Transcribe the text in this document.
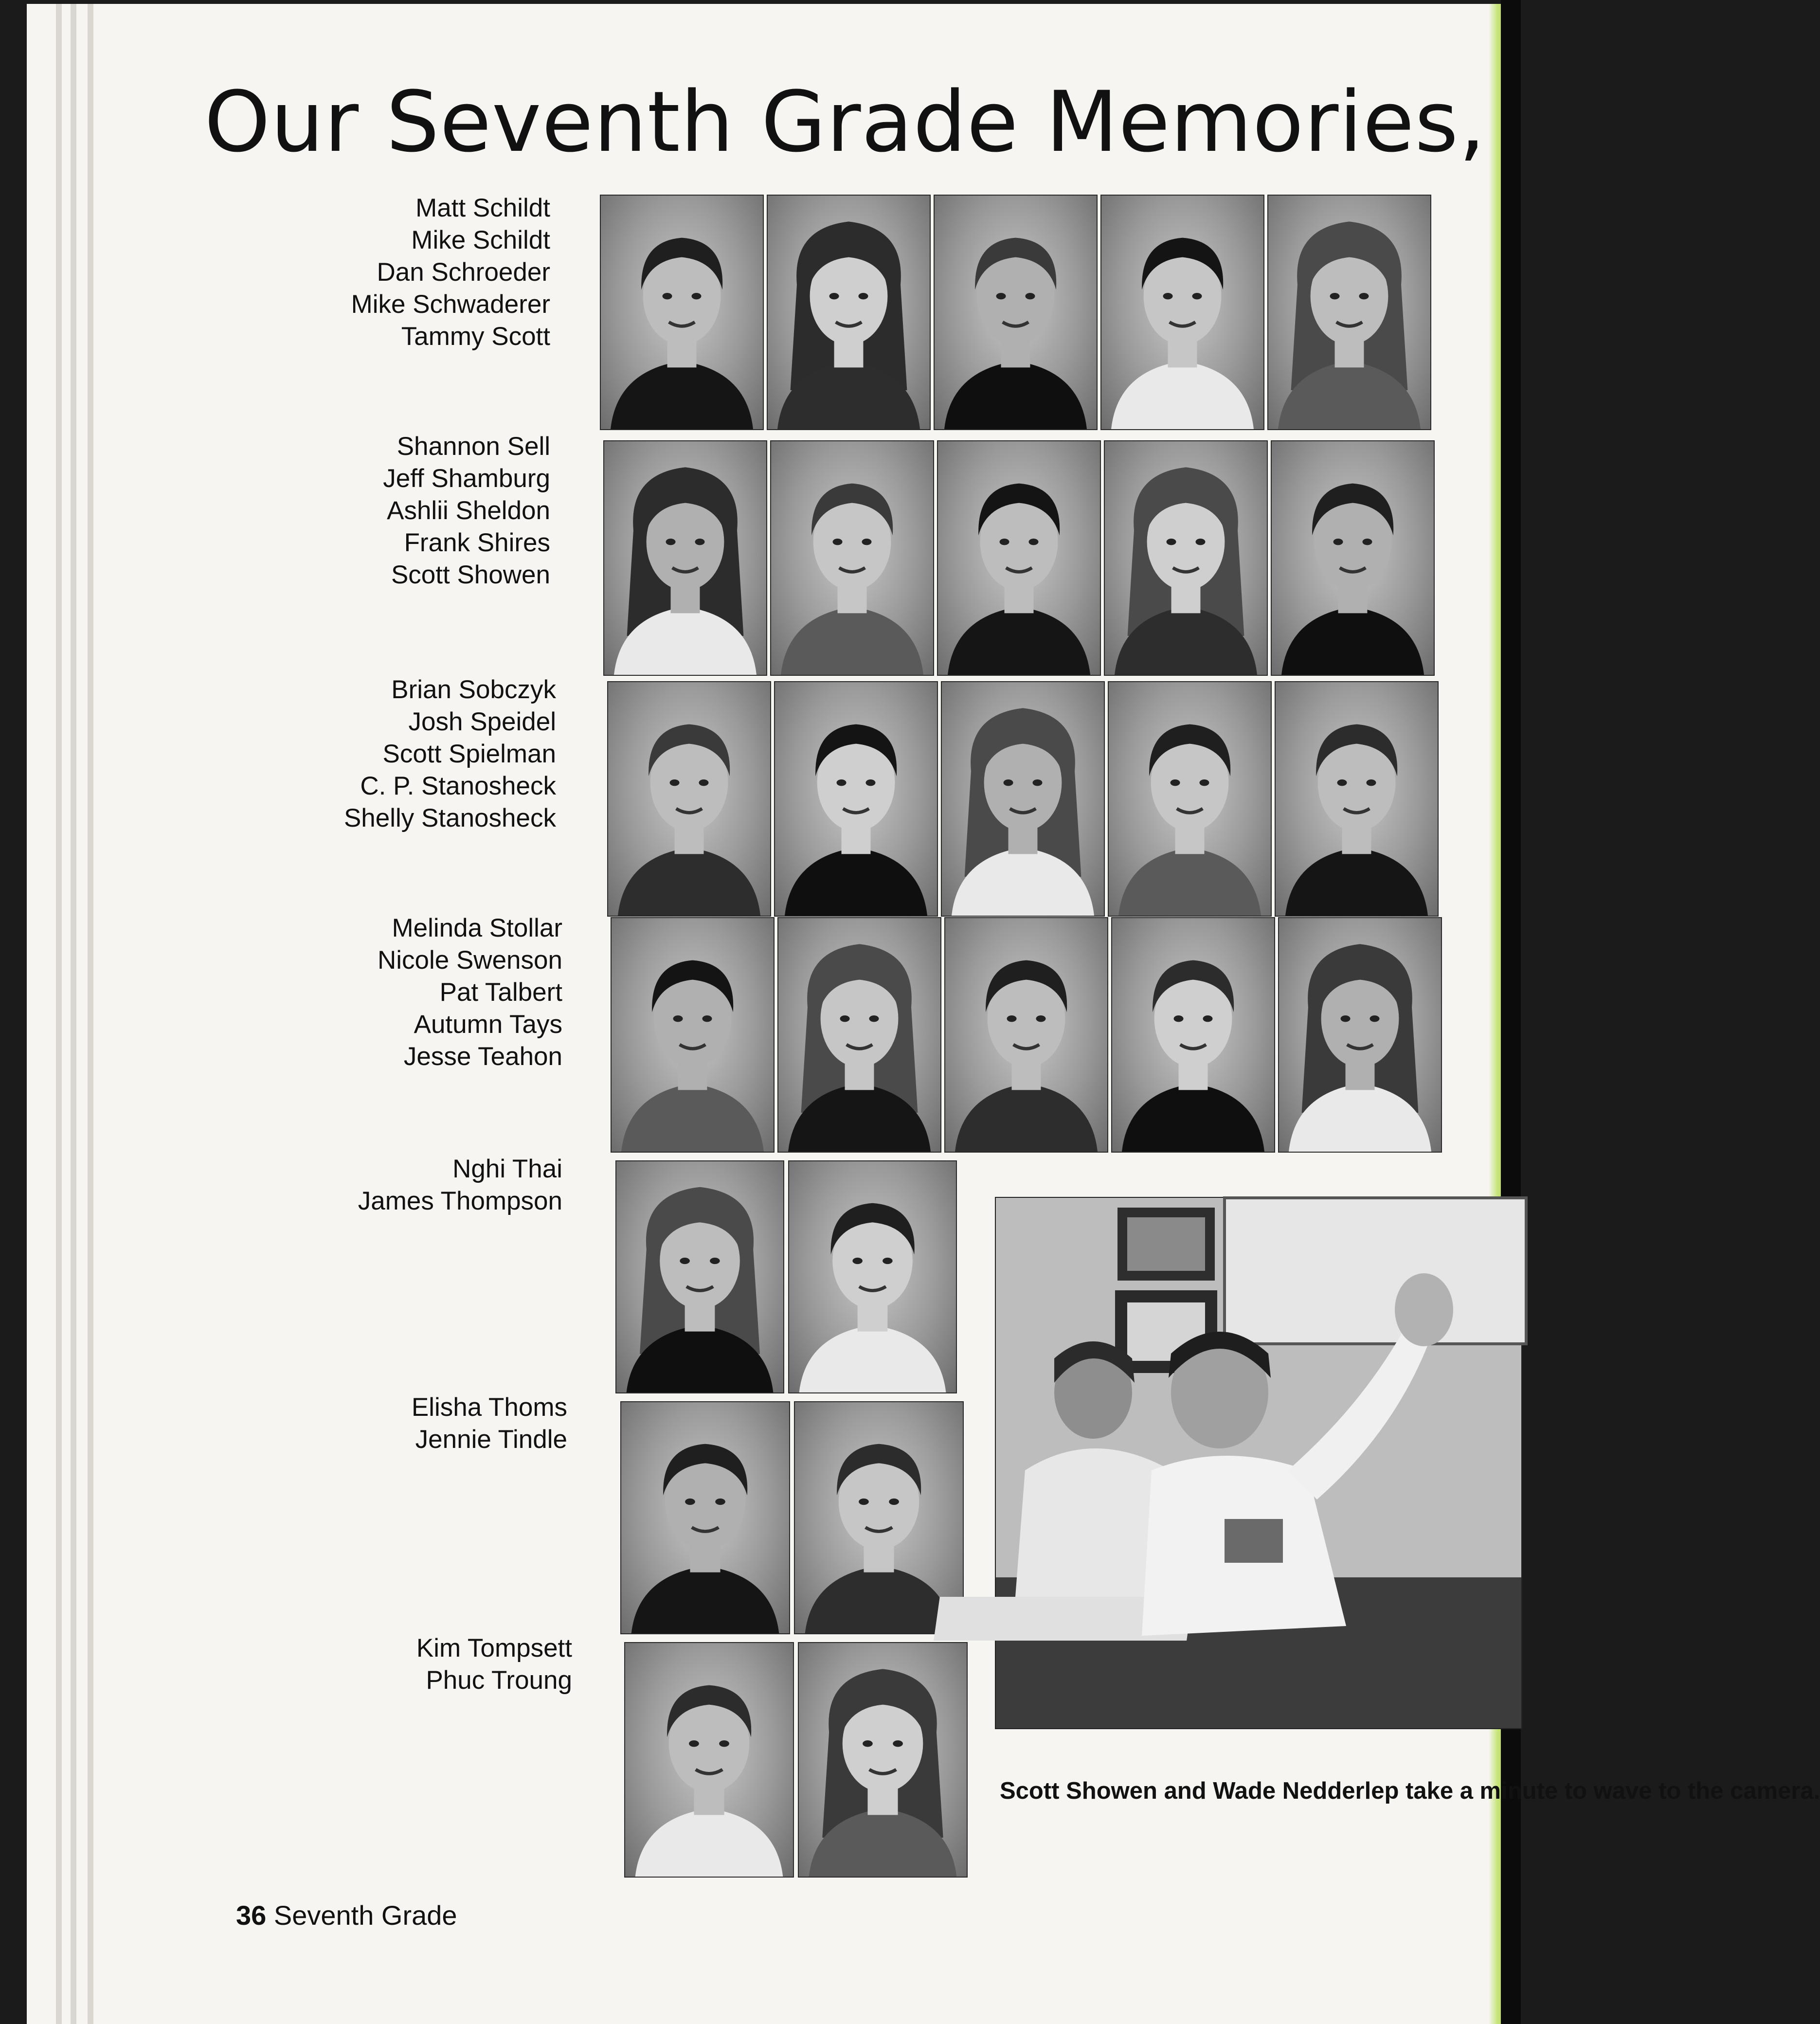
Our Seventh Grade Memories,
Matt Schildt
Mike Schildt
Dan Schroeder
Mike Schwaderer
Tammy Scott
Shannon Sell
Jeff Shamburg
Ashlii Sheldon
Frank Shires
Scott Showen
Brian Sobczyk
Josh Speidel
Scott Spielman
C. P. Stanosheck
Shelly Stanosheck
Melinda Stollar
Nicole Swenson
Pat Talbert
Autumn Tays
Jesse Teahon
Nghi Thai
James Thompson
Elisha Thoms
Jennie Tindle
Kim Tompsett
Phuc Troung

Scott Showen and Wade Nedderlep take a minute to wave to the camera.

36 Seventh Grade
